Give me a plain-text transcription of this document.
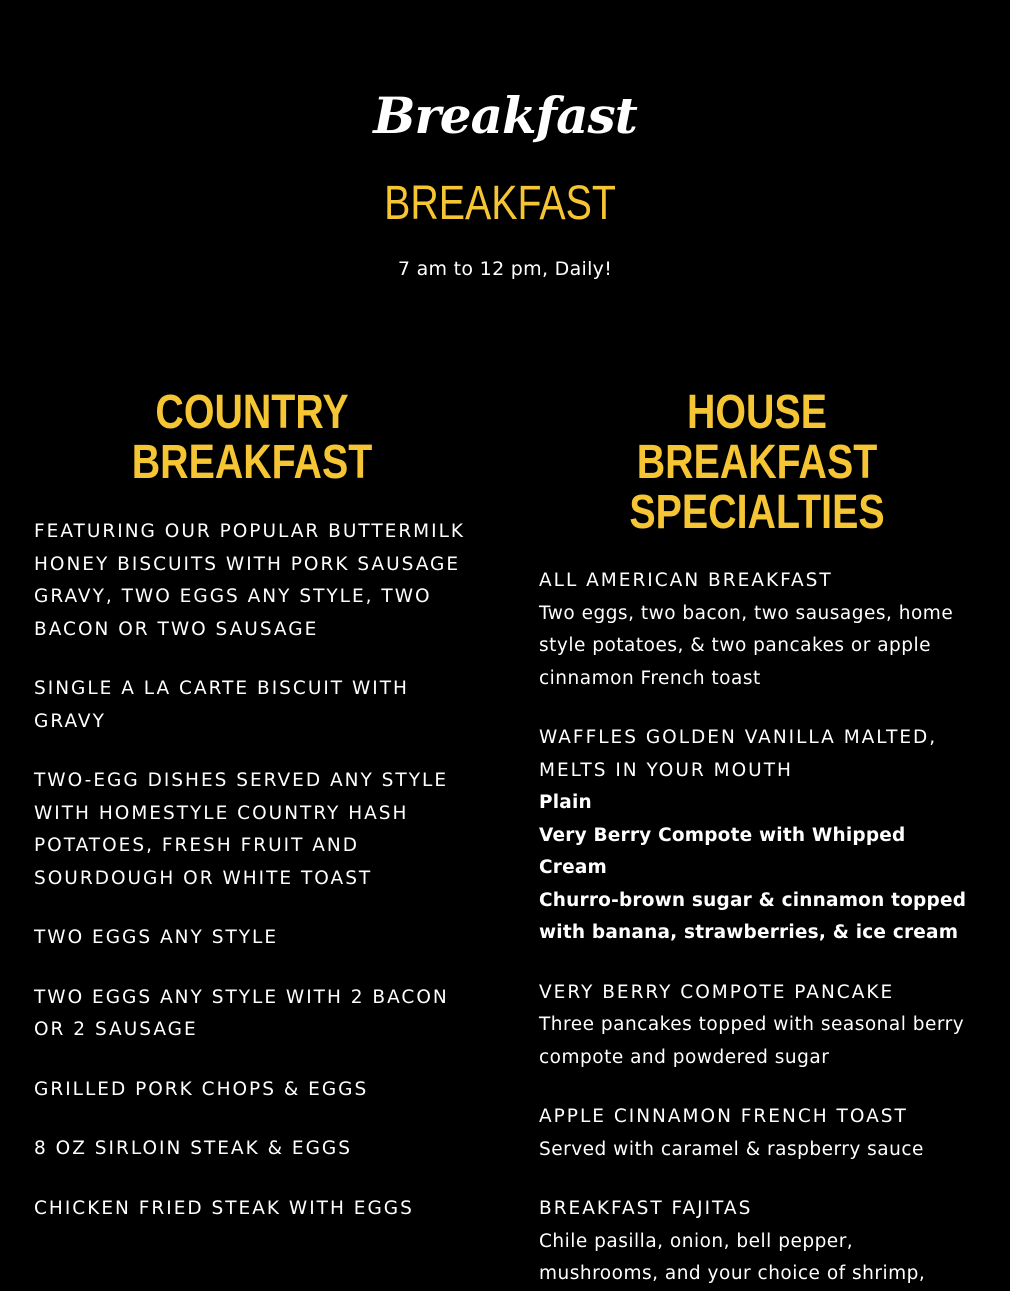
Breakfast
BREAKFAST
7 am to 12 pm, Daily!
COUNTRY BREAKFAST

FEATURING OUR POPULAR BUTTERMILK HONEY BISCUITS WITH PORK SAUSAGE GRAVY, TWO EGGS ANY STYLE, TWO BACON OR TWO SAUSAGE

SINGLE A LA CARTE BISCUIT WITH GRAVY

TWO-EGG DISHES SERVED ANY STYLE WITH HOMESTYLE COUNTRY HASH POTATOES, FRESH FRUIT AND SOURDOUGH OR WHITE TOAST

TWO EGGS ANY STYLE

TWO EGGS ANY STYLE WITH 2 BACON OR 2 SAUSAGE

GRILLED PORK CHOPS & EGGS

8 OZ SIRLOIN STEAK & EGGS

CHICKEN FRIED STEAK WITH EGGS

HOUSE BREAKFAST
SPECIALTIES

ALL AMERICAN BREAKFAST

Two eggs, two bacon, two sausages, home style potatoes, & two pancakes or apple cinnamon French toast

WAFFLES GOLDEN VANILLA MALTED, MELTS IN YOUR MOUTH

Plain

Very Berry Compote with Whipped Cream

Churro-brown sugar & cinnamon topped with banana, strawberries, & ice cream

VERY BERRY COMPOTE PANCAKE

Three pancakes topped with seasonal berry compote and powdered sugar

APPLE CINNAMON FRENCH TOAST

Served with caramel & raspberry sauce

BREAKFAST FAJITAS

Chile pasilla, onion, bell pepper, mushrooms, and your choice of shrimp,
